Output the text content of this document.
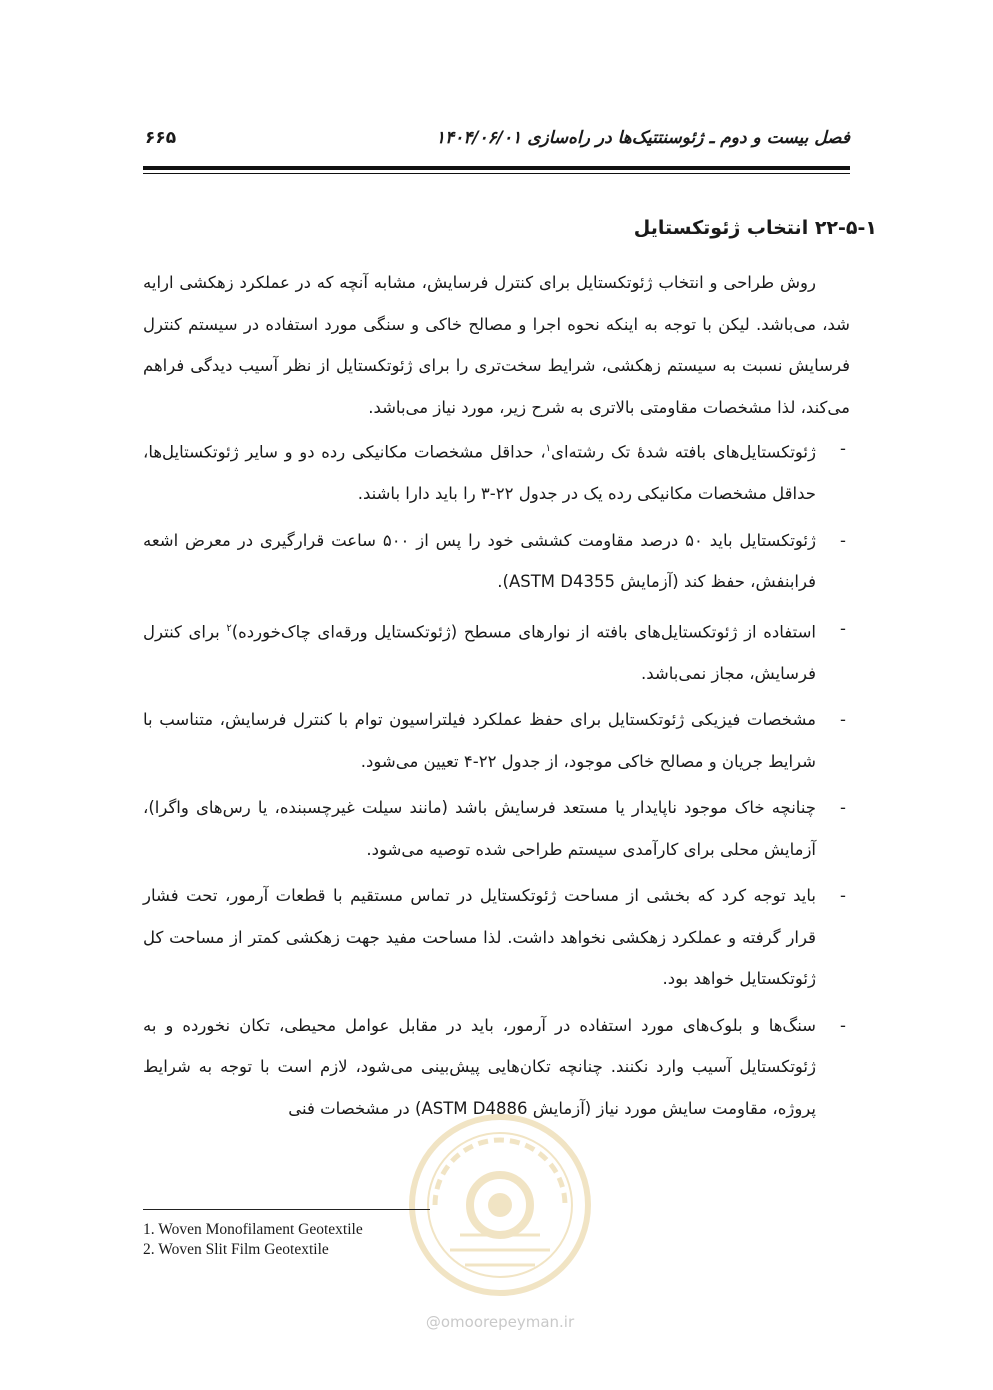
فصل بیست و دوم ـ ژئوسنتتیک‌ها در راه‌سازی ۱۴۰۴/۰۶/۰۱
۶۶۵
۲۲-۵-۱ انتخاب ژئوتکستایل

روش طراحی و انتخاب ژئوتکستایل برای کنترل فرسایش، مشابه آنچه که در عملکرد زهکشی ارایه شد، می‌باشد. لیکن با توجه به اینکه نحوه اجرا و مصالح خاکی و سنگی مورد استفاده در سیستم کنترل فرسایش نسبت به سیستم زهکشی، شرایط سخت‌تری را برای ژئوتکستایل از نظر آسیب دیدگی فراهم می‌کند، لذا مشخصات مقاومتی بالاتری به شرح زیر، مورد نیاز می‌باشد.

-
ژئوتکستایل‌های بافته شدهٔ تک رشته‌ای$^۱$، حداقل مشخصات مکانیکی رده دو و سایر ژئوتکستایل‌ها، حداقل مشخصات مکانیکی رده یک در جدول ۲۲-۳ را باید دارا باشند.
-
ژئوتکستایل باید ۵۰ درصد مقاومت کششی خود را پس از ۵۰۰ ساعت قرارگیری در معرض اشعه فرابنفش، حفظ کند (آزمایش ASTM D4355).
-
استفاده از ژئوتکستایل‌های بافته از نوارهای مسطح (ژئوتکستایل ورقه‌ای چاک‌خورده)$^۲$ برای کنترل فرسایش، مجاز نمی‌باشد.
-
مشخصات فیزیکی ژئوتکستایل برای حفظ عملکرد فیلتراسیون توام با کنترل فرسایش، متناسب با شرایط جریان و مصالح خاکی موجود، از جدول ۲۲-۴ تعیین می‌شود.
-
چنانچه خاک موجود ناپایدار یا مستعد فرسایش باشد (مانند سیلت غیرچسبنده، یا رس‌های واگرا)، آزمایش محلی برای کارآمدی سیستم طراحی شده توصیه می‌شود.
-
باید توجه کرد که بخشی از مساحت ژئوتکستایل در تماس مستقیم با قطعات آرمور، تحت فشار قرار گرفته و عملکرد زهکشی نخواهد داشت. لذا مساحت مفید جهت زهکشی کمتر از مساحت کل ژئوتکستایل خواهد بود.
-
سنگ‌ها و بلوک‌های مورد استفاده در آرمور، باید در مقابل عوامل محیطی، تکان نخورده و به ژئوتکستایل آسیب وارد نکنند. چنانچه تکان‌هایی پیش‌بینی می‌شود، لازم است با توجه به شرایط پروژه، مقاومت سایش مورد نیاز (آزمایش ASTM D4886) در مشخصات فنی
@omoorepeyman.ir
1. Woven Monofilament Geotextile
2. Woven Slit Film Geotextile
